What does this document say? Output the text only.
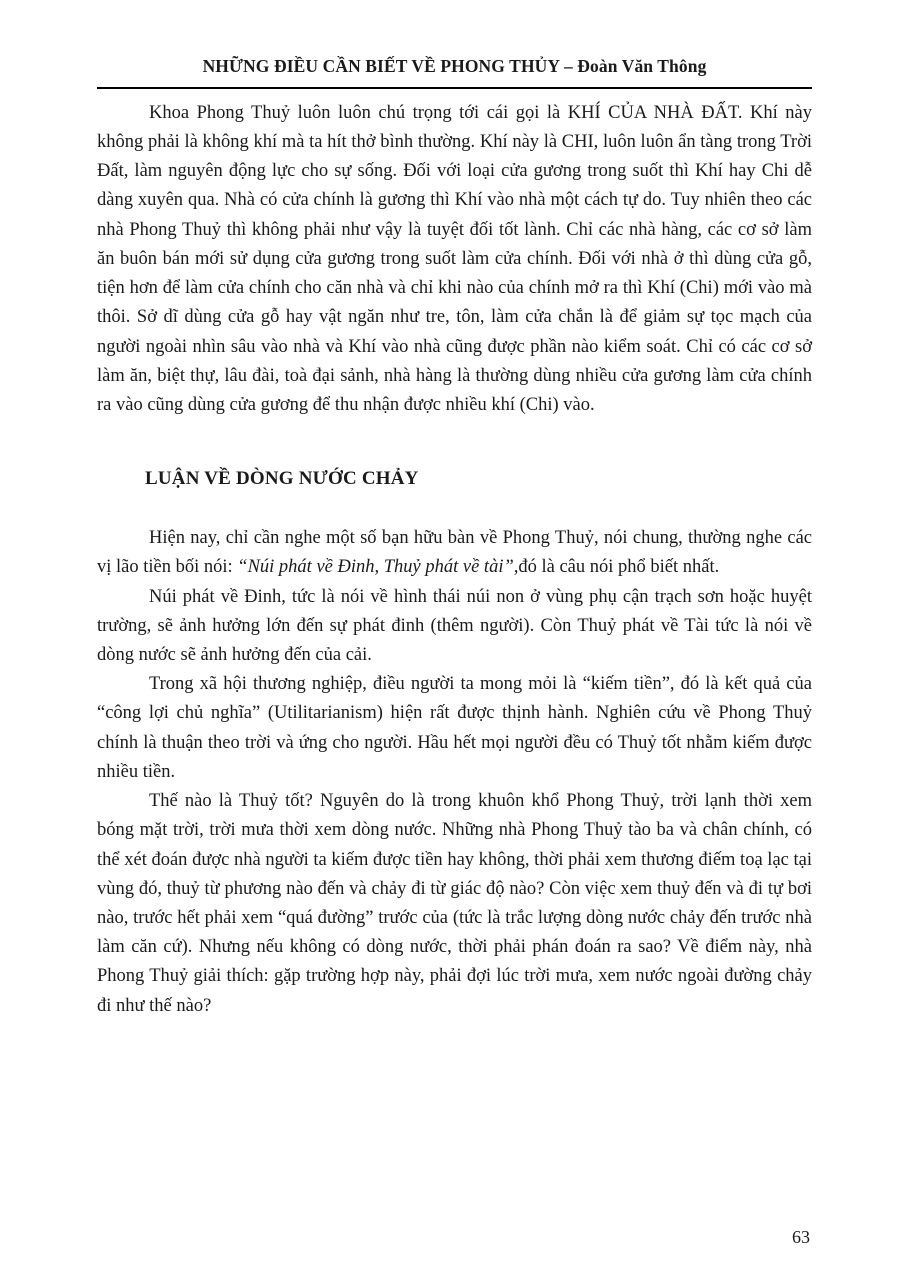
NHỮNG ĐIỀU CẦN BIẾT VỀ PHONG THỦY – Đoàn Văn Thông

Khoa Phong Thuỷ luôn luôn chú trọng tới cái gọi là KHÍ CỦA NHÀ ĐẤT. Khí này không phải là không khí mà ta hít thở bình thường. Khí này là CHI, luôn luôn ẩn tàng trong Trời Đất, làm nguyên động lực cho sự sống. Đối với loại cửa gương trong suốt thì Khí hay Chi dễ dàng xuyên qua. Nhà có cửa chính là gương thì Khí vào nhà một cách tự do. Tuy nhiên theo các nhà Phong Thuỷ thì không phải như vậy là tuyệt đối tốt lành. Chỉ các nhà hàng, các cơ sở làm ăn buôn bán mới sử dụng cửa gương trong suốt làm cửa chính. Đối với nhà ở thì dùng cửa gỗ, tiện hơn để làm cửa chính cho căn nhà và chỉ khi nào của chính mở ra thì Khí (Chi) mới vào mà thôi. Sở dĩ dùng cửa gỗ hay vật ngăn như tre, tôn, làm cửa chắn là để giảm sự tọc mạch của người ngoài nhìn sâu vào nhà và Khí vào nhà cũng được phần nào kiểm soát. Chỉ có các cơ sở làm ăn, biệt thự, lâu đài, toà đại sảnh, nhà hàng là thường dùng nhiều cửa gương làm cửa chính ra vào cũng dùng cửa gương để thu nhận được nhiều khí (Chi) vào.

LUẬN VỀ DÒNG NƯỚC CHẢY

Hiện nay, chỉ cần nghe một số bạn hữu bàn về Phong Thuỷ, nói chung, thường nghe các vị lão tiền bối nói: “Núi phát về Đinh, Thuỷ phát về tài”,đó là câu nói phổ biết nhất.

Núi phát về Đinh, tức là nói về hình thái núi non ở vùng phụ cận trạch sơn hoặc huyệt trường, sẽ ảnh hưởng lớn đến sự phát đinh (thêm người). Còn Thuỷ phát về Tài tức là nói về dòng nước sẽ ảnh hưởng đến của cải.

Trong xã hội thương nghiệp, điều người ta mong mỏi là “kiếm tiền”, đó là kết quả của “công lợi chủ nghĩa” (Utilitarianism) hiện rất được thịnh hành. Nghiên cứu về Phong Thuỷ chính là thuận theo trời và ứng cho người. Hầu hết mọi người đều có Thuỷ tốt nhằm kiếm được nhiều tiền.

Thế nào là Thuỷ tốt? Nguyên do là trong khuôn khổ Phong Thuỷ, trời lạnh thời xem bóng mặt trời, trời mưa thời xem dòng nước. Những nhà Phong Thuỷ tào ba và chân chính, có thể xét đoán được nhà người ta kiếm được tiền hay không, thời phải xem thương điếm toạ lạc tại vùng đó, thuỷ từ phương nào đến và chảy đi từ giác độ nào? Còn việc xem thuỷ đến và đi tự bơi nào, trước hết phải xem “quá đường” trước của (tức là trắc lượng dòng nước chảy đến trước nhà làm căn cứ). Nhưng nếu không có dòng nước, thời phải phán đoán ra sao? Về điểm này, nhà Phong Thuỷ giải thích: gặp trường hợp này, phải đợi lúc trời mưa, xem nước ngoài đường chảy đi như thế nào?

63
